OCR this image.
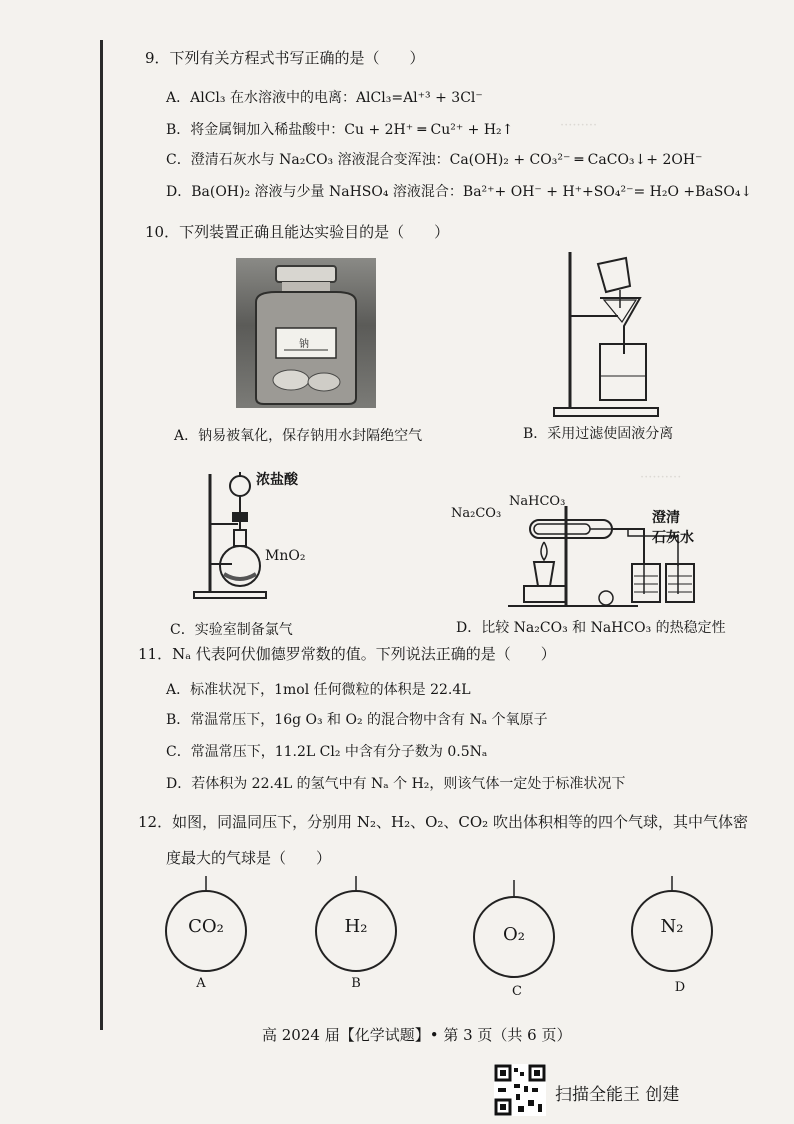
·········
··········
9．下列有关方程式书写正确的是（　　）
A．AlCl₃ 在水溶液中的电离：AlCl₃=Al⁺³ + 3Cl⁻
B．将金属铜加入稀盐酸中：Cu + 2H⁺ ═ Cu²⁺ + H₂↑
C．澄清石灰水与 Na₂CO₃ 溶液混合变浑浊：Ca(OH)₂ + CO₃²⁻ ═ CaCO₃↓+ 2OH⁻
D．Ba(OH)₂ 溶液与少量 NaHSO₄ 溶液混合：Ba²⁺+ OH⁻ + H⁺+SO₄²⁻= H₂O +BaSO₄↓
10．下列装置正确且能达实验目的是（　　）
钠
A．钠易被氧化，保存钠用水封隔绝空气	B．采用过滤使固液分离
浓盐酸
MnO₂
Na₂CO₃
NaHCO₃
澄清
石灰水
C．实验室制备氯气	D．比较 Na₂CO₃ 和 NaHCO₃ 的热稳定性
11．Nₐ 代表阿伏伽德罗常数的值。下列说法正确的是（　　）
A．标准状况下，1mol 任何微粒的体积是 22.4L
B．常温常压下，16g O₃ 和 O₂ 的混合物中含有 Nₐ 个氧原子
C．常温常压下，11.2L Cl₂ 中含有分子数为 0.5Nₐ
D．若体积为 22.4L 的氢气中有 Nₐ 个 H₂，则该气体一定处于标准状况下
12．如图，同温同压下，分别用 N₂、H₂、O₂、CO₂ 吹出体积相等的四个气球，其中气体密
度最大的气球是（　　）
CO₂
A
H₂
B
O₂
C
N₂
D
高 2024 届【化学试题】• 第 3 页（共 6 页）
扫描全能王 创建
